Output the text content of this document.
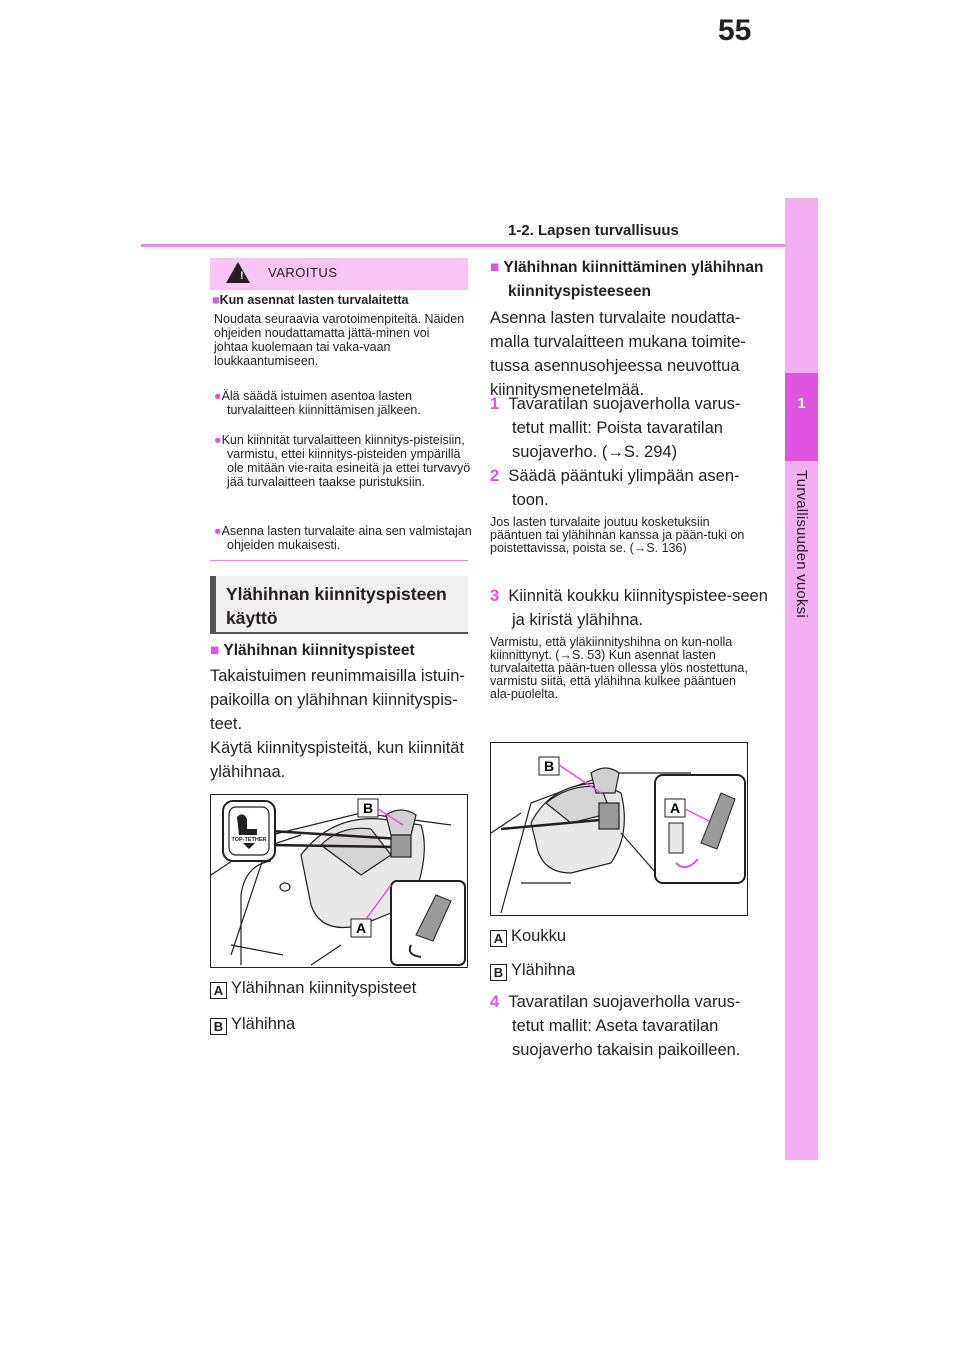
55
1-2. Lapsen turvallisuus
1
Turvallisuuden vuoksi
! VAROITUS
■Kun asennat lasten turvalaitetta
Noudata seuraavia varotoimenpiteitä. Näiden ohjeiden noudattamatta jättä-minen voi johtaa kuolemaan tai vaka-vaan loukkaantumiseen.
●Älä säädä istuimen asentoa lasten turvalaitteen kiinnittämisen jälkeen.
●Kun kiinnität turvalaitteen kiinnitys-pisteisiin, varmistu, ettei kiinnitys-pisteiden ympärillä ole mitään vie-raita esineitä ja ettei turvavyö jää turvalaitteen taakse puristuksiin.
●Asenna lasten turvalaite aina sen valmistajan ohjeiden mukaisesti.
Ylähihnan kiinnityspisteen käyttö
■ Ylähihnan kiinnityspisteet
Takaistuimen reunimmaisilla istuin-paikoilla on ylähihnan kiinnityspis-teet.
Käytä kiinnityspisteitä, kun kiinnität ylähihnaa.
TOP-TETHER
B
A
A Ylähihnan kiinnityspisteet
B Ylähihna
■ Ylähihnan kiinnittäminen ylähihnan kiinnityspisteeseen
Asenna lasten turvalaite noudatta-malla turvalaitteen mukana toimite-tussa asennusohjeessa neuvottua kiinnitysmenetelmää.
1 Tavaratilan suojaverholla varus-tetut mallit: Poista tavaratilan suojaverho. (→S. 294)
2 Säädä pääntuki ylimpään asen-toon.
Jos lasten turvalaite joutuu kosketuksiin pääntuen tai ylähihnan kanssa ja pään-tuki on poistettavissa, poista se. (→S. 136)
3 Kiinnitä koukku kiinnityspistee-seen ja kiristä ylähihna.
Varmistu, että yläkiinnityshihna on kun-nolla kiinnittynyt. (→S. 53) Kun asennat lasten turvalaitetta pään-tuen ollessa ylös nostettuna, varmistu siitä, että ylähihna kulkee pääntuen ala-puolelta.
B
A
A Koukku
B Ylähihna
4 Tavaratilan suojaverholla varus-tetut mallit: Aseta tavaratilan suojaverho takaisin paikoilleen.
